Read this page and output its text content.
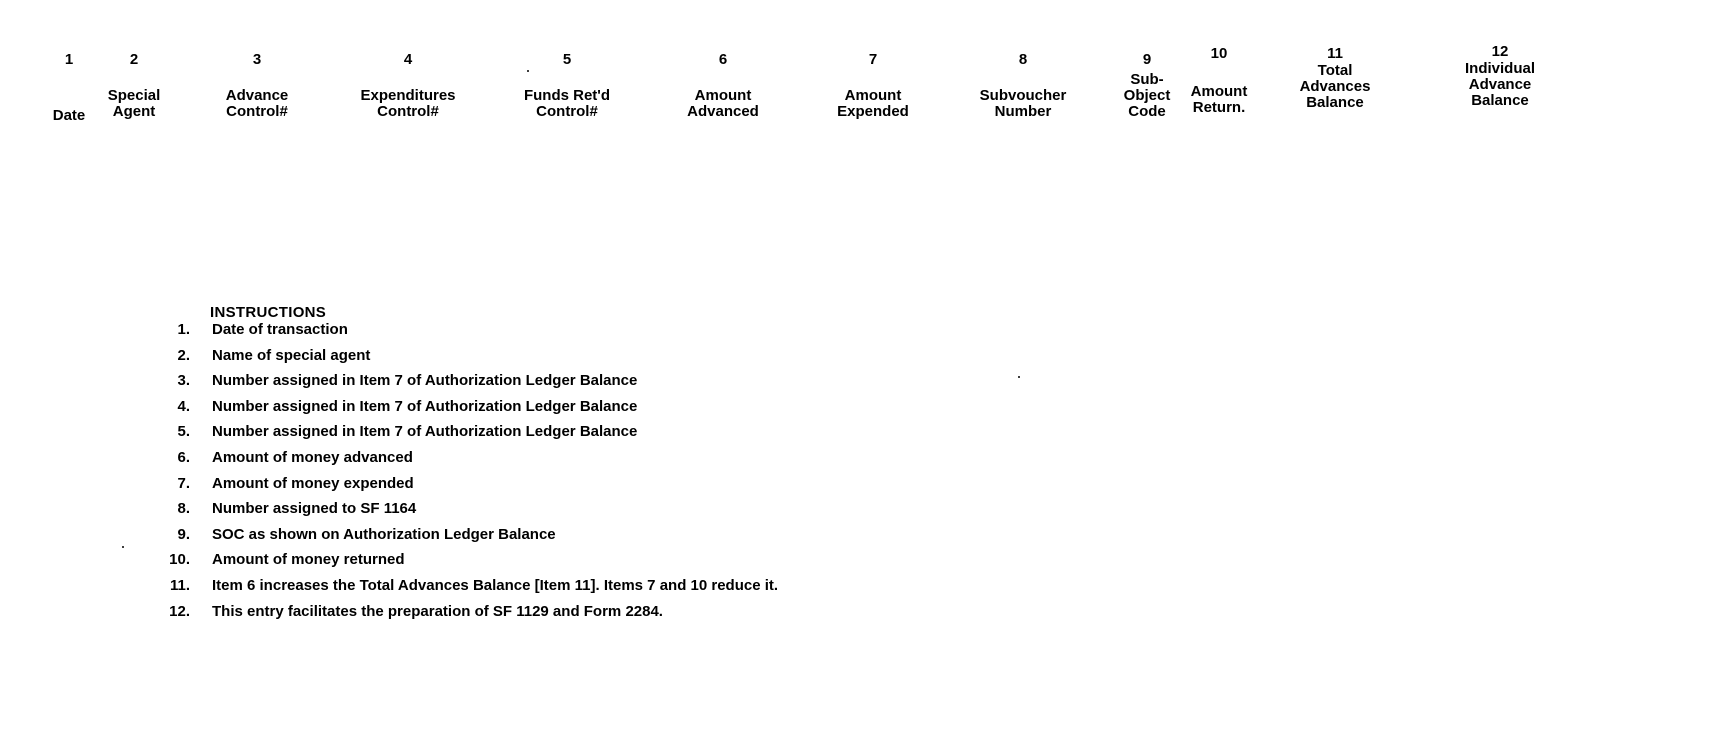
1
Date
2
Special
Agent
3
Advance
Control#
4
Expenditures
Control#
5
Funds Ret'd
Control#
6
Amount
Advanced
7
Amount
Expended
8
Subvoucher
Number
9
Sub-
Object
Code
10
Amount
Return.
11
Total
Advances
Balance
12
Individual
Advance
Balance
INSTRUCTIONS
1. Date of transaction
2. Name of special agent
3. Number assigned in Item 7 of Authorization Ledger Balance
4. Number assigned in Item 7 of Authorization Ledger Balance
5. Number assigned in Item 7 of Authorization Ledger Balance
6. Amount of money advanced
7. Amount of money expended
8. Number assigned to SF 1164
9. SOC as shown on Authorization Ledger Balance
10. Amount of money returned
11. Item 6 increases the Total Advances Balance [Item 11]. Items 7 and 10 reduce it.
12. This entry facilitates the preparation of SF 1129 and Form 2284.
